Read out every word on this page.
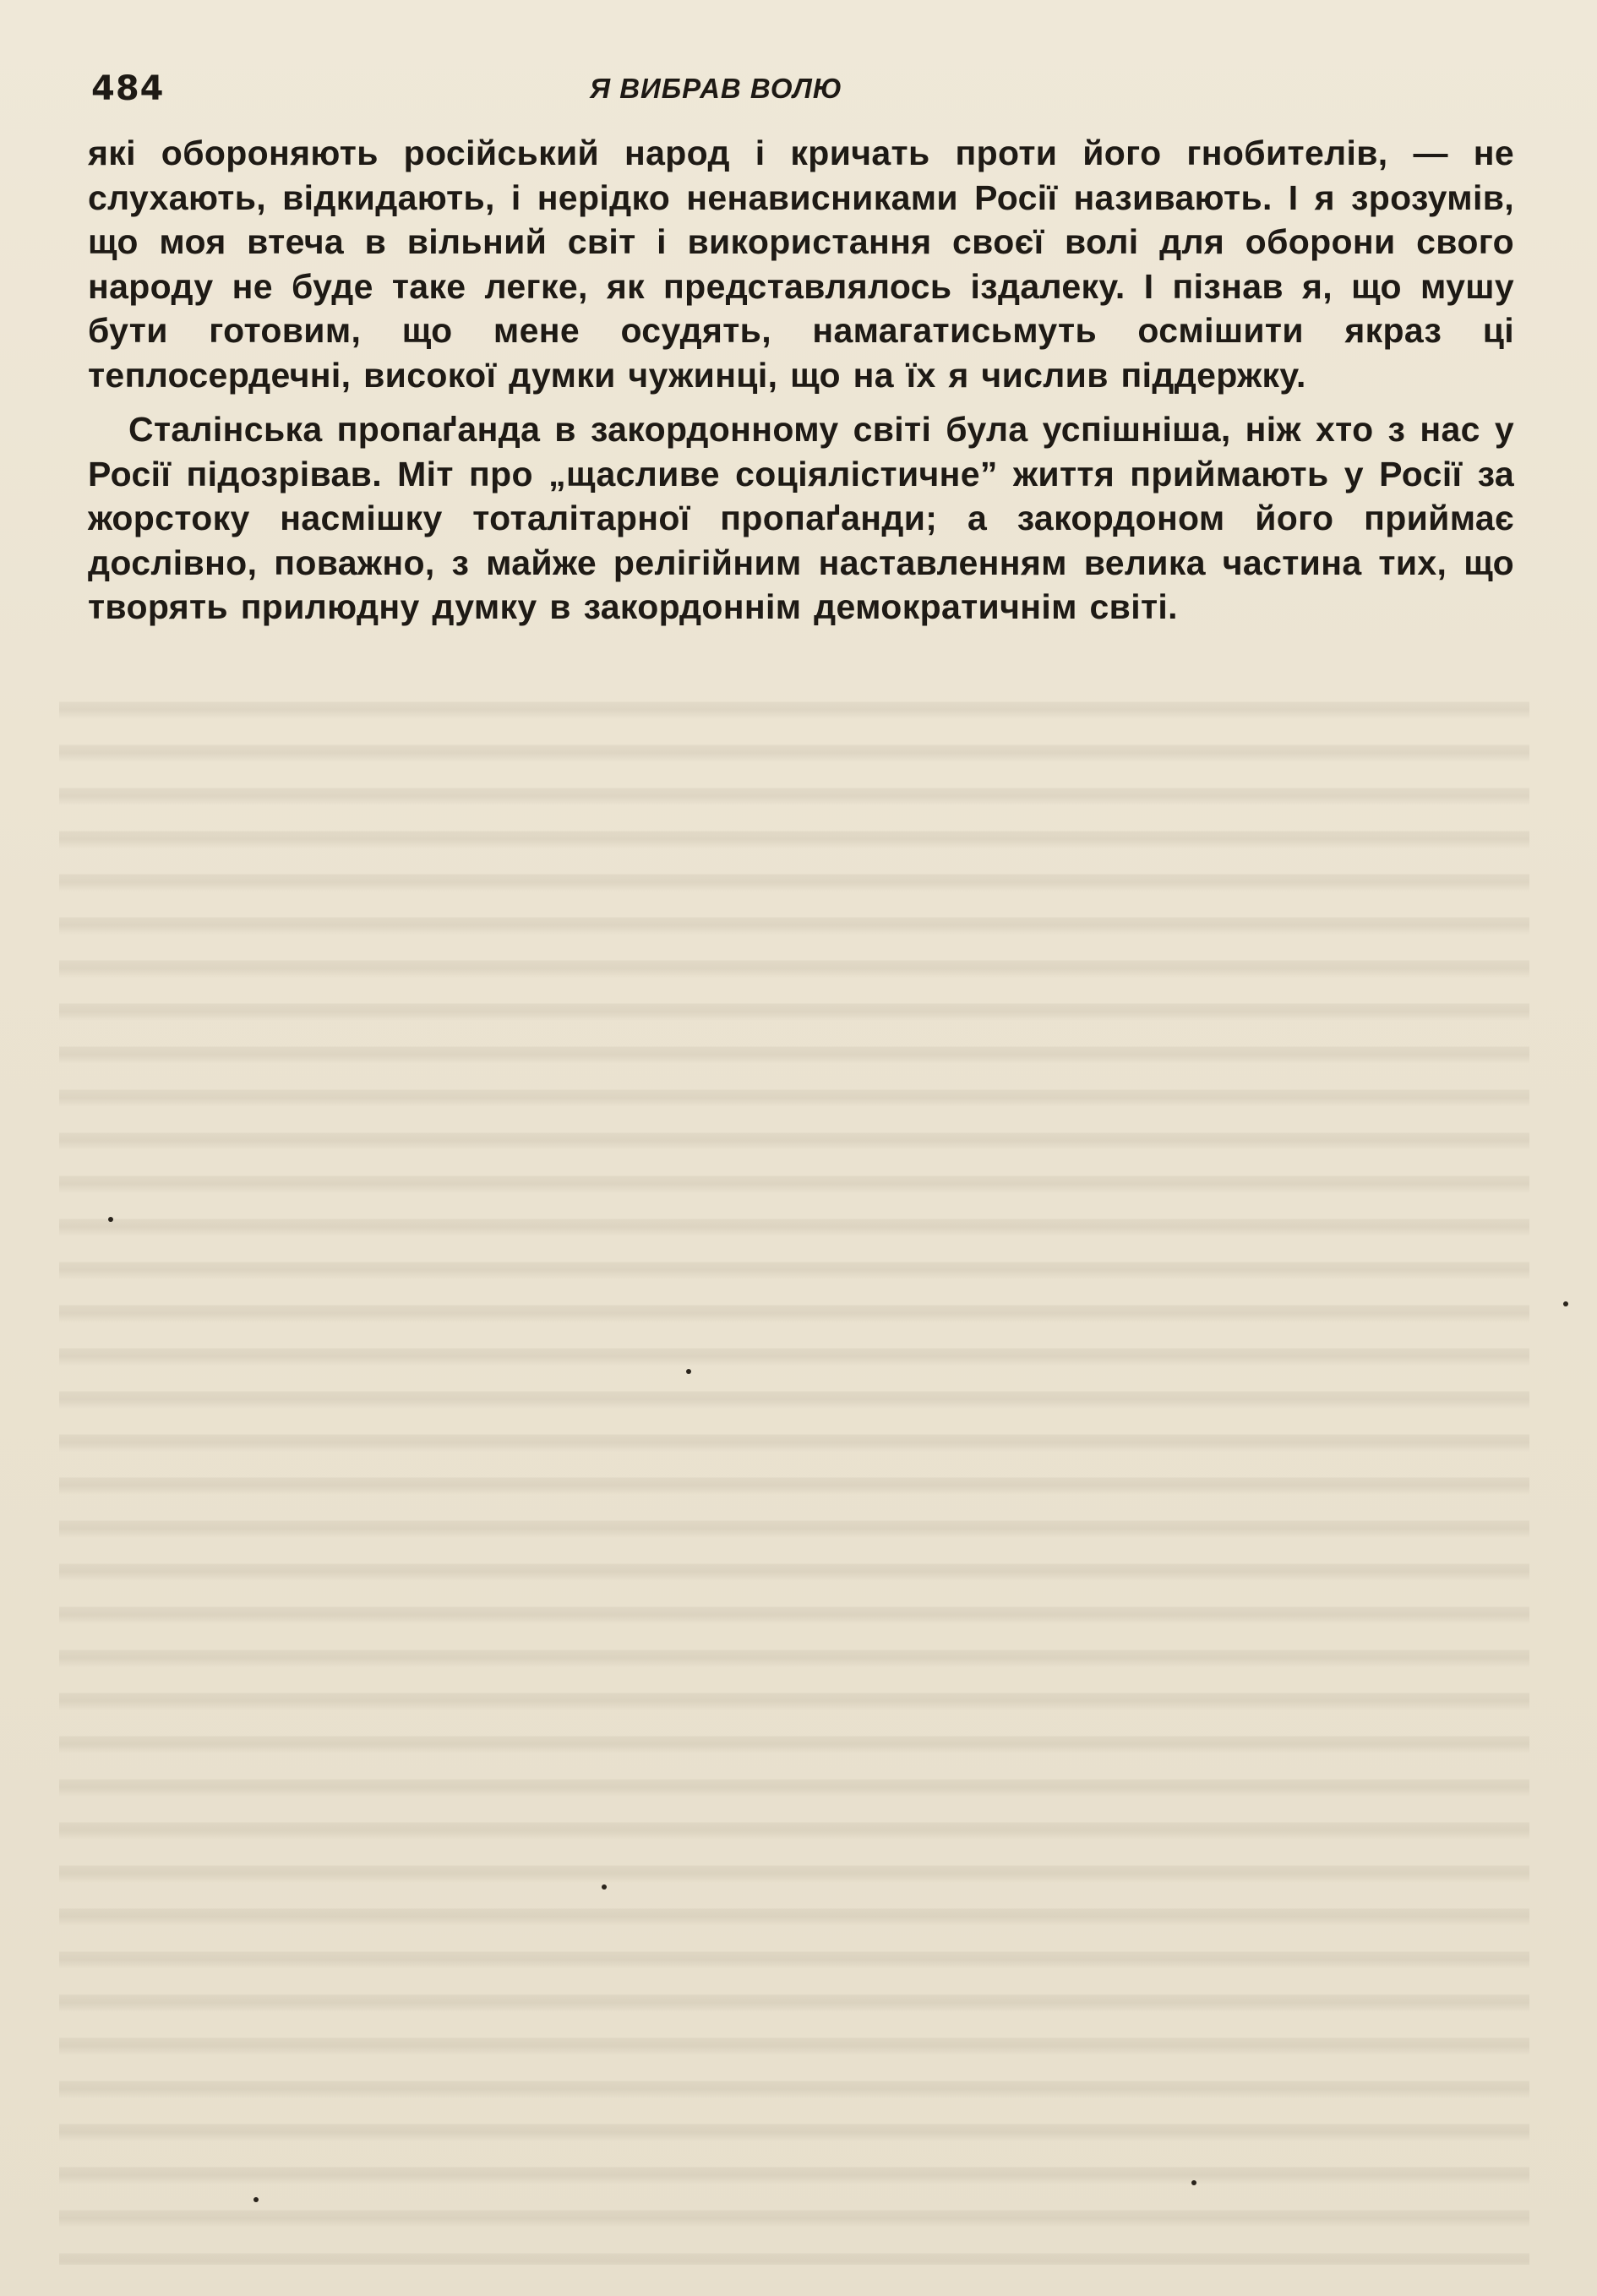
484	Я ВИБРАВ ВОЛЮ

які обороняють російський народ і кричать проти його гнобителів, — не слухають, відкидають, і нерідко ненависниками Росії називають. І я зрозумів, що моя втеча в вільний світ і використання своєї волі для оборони свого народу не буде таке легке, як представлялось іздалеку. І пізнав я, що мушу бути готовим, що мене осудять, намагатисьмуть осмішити якраз ці теплосердечні, високої думки чужинці, що на їх я числив піддержку.

Сталінська пропаґанда в закордонному світі була успішніша, ніж хто з нас у Росії підозрівав. Міт про „щасливе соціялістичне” життя приймають у Росії за жорстоку насмішку тоталітарної пропаґанди; а закордоном його приймає дослівно, поважно, з майже релігійним наставленням велика частина тих, що творять прилюдну думку в закордоннім демократичнім світі.
